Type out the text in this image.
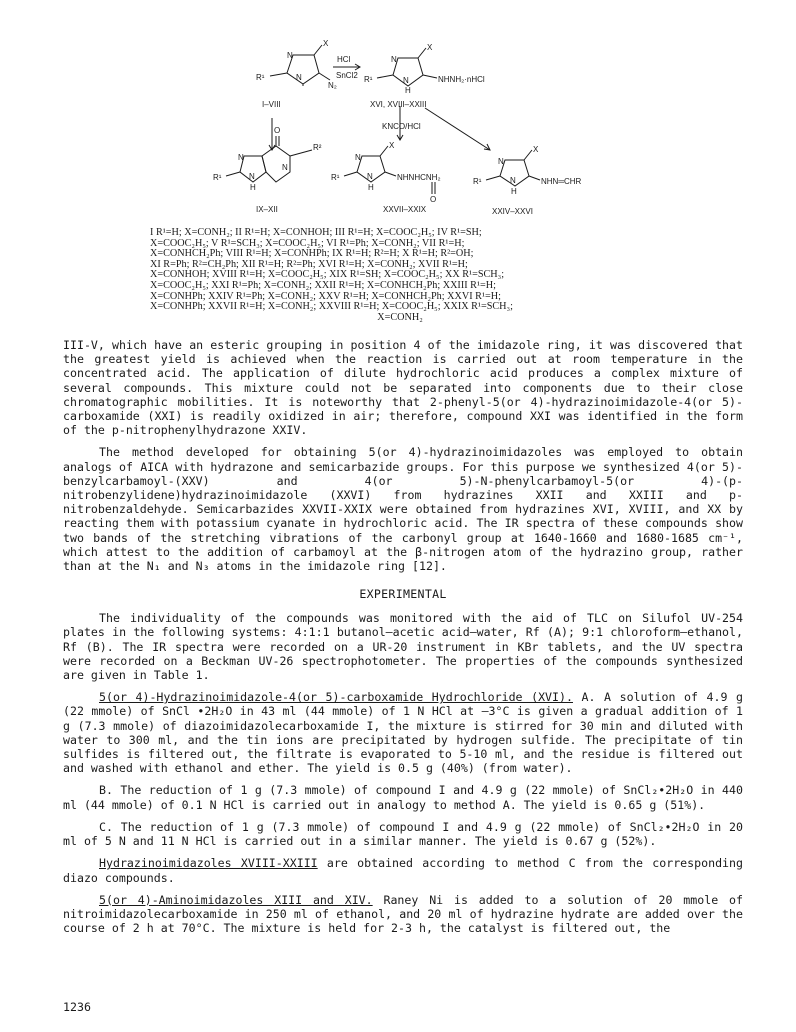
X
N
N
R¹
N₂
I–VIII
HCl
SnCl2
X
N
N
H
R¹	NHNH₂·nHCl
XVI, XVIII–XXIII
KNCO/HCl
O
R²
N
N
H
N
R¹
IX–XII
X
N
N
H
R¹	NHNHCNH₂
O
XXVII–XXIX
X
N
N
H
R¹	NHN═CHR
XXIV–XXVI
I R¹=H; X=CONH₂; II R¹=H; X=CONHOH; III R¹=H; X=COOC₂H₅; IV R¹=SH;
X=COOC₂H₅; V R¹=SCH₃; X=COOC₂H₅; VI R¹=Ph; X=CONH₂; VII R¹=H;
X=CONHCH₂Ph; VIII R¹=H; X=CONHPh; IX R¹=H; R²=H; X R¹=H; R²=OH;
XI R=Ph; R²=CH₂Ph; XII R¹=H; R²=Ph; XVI R¹=H; X=CONH₂; XVII R¹=H;
X=CONHOH; XVIII R¹=H; X=COOC₂H₅; XIX R¹=SH; X=COOC₂H₅; XX R¹=SCH₃;
X=COOC₂H₅; XXI R¹=Ph; X=CONH₂; XXII R¹=H; X=CONHCH₂Ph; XXIII R¹=H;
X=CONHPh; XXIV R¹=Ph; X=CONH₂; XXV R¹=H; X=CONHCH₂Ph; XXVI R¹=H;
X=CONHPh; XXVII R¹=H; X=CONH₂; XXVIII R¹=H; X=COOC₂H₅; XXIX R¹=SCH₃;
X=CONH₂

III-V, which have an esteric grouping in position 4 of the imidazole ring, it was discovered that the greatest yield is achieved when the reaction is carried out at room temperature in the concentrated acid. The application of dilute hydrochloric acid produces a complex mixture of several compounds. This mixture could not be separated into components due to their close chromatographic mobilities. It is noteworthy that 2-phenyl-5(or 4)-hydrazinoimidazole-4(or 5)-carboxamide (XXI) is readily oxidized in air; therefore, compound XXI was identified in the form of the p-nitrophenylhydrazone XXIV.

The method developed for obtaining 5(or 4)-hydrazinoimidazoles was employed to obtain analogs of AICA with hydrazone and semicarbazide groups. For this purpose we synthesized 4(or 5)-benzylcarbamoyl-(XXV) and 4(or 5)-N-phenylcarbamoyl-5(or 4)-(p-nitrobenzylidene)hydrazinoimidazole (XXVI) from hydrazines XXII and XXIII and p-nitrobenzaldehyde. Semicarbazides XXVII-XXIX were obtained from hydrazines XVI, XVIII, and XX by reacting them with potassium cyanate in hydrochloric acid. The IR spectra of these compounds show two bands of the stretching vibrations of the carbonyl group at 1640-1660 and 1680-1685 cm⁻¹, which attest to the addition of carbamoyl at the β-nitrogen atom of the hydrazino group, rather than at the N₁ and N₃ atoms in the imidazole ring [12].

EXPERIMENTAL

The individuality of the compounds was monitored with the aid of TLC on Silufol UV-254 plates in the following systems: 4:1:1 butanol–acetic acid–water, Rf (A); 9:1 chloroform–ethanol, Rf (B). The IR spectra were recorded on a UR-20 instrument in KBr tablets, and the UV spectra were recorded on a Beckman UV-26 spectrophotometer. The properties of the compounds synthesized are given in Table 1.

5(or 4)-Hydrazinoimidazole-4(or 5)-carboxamide Hydrochloride (XVI). A. A solution of 4.9 g (22 mmole) of SnCl •2H₂O in 43 ml (44 mmole) of 1 N HCl at –3°C is given a gradual addition of 1 g (7.3 mmole) of diazoimidazolecarboxamide I, the mixture is stirred for 30 min and diluted with water to 300 ml, and the tin ions are precipitated by hydrogen sulfide. The precipitate of tin sulfides is filtered out, the filtrate is evaporated to 5-10 ml, and the residue is filtered out and washed with ethanol and ether. The yield is 0.5 g (40%) (from water).

B. The reduction of 1 g (7.3 mmole) of compound I and 4.9 g (22 mmole) of SnCl₂•2H₂O in 440 ml (44 mmole) of 0.1 N HCl is carried out in analogy to method A. The yield is 0.65 g (51%).

C. The reduction of 1 g (7.3 mmole) of compound I and 4.9 g (22 mmole) of SnCl₂•2H₂O in 20 ml of 5 N and 11 N HCl is carried out in a similar manner. The yield is 0.67 g (52%).

Hydrazinoimidazoles XVIII-XXIII are obtained according to method C from the corresponding diazo compounds.

5(or 4)-Aminoimidazoles XIII and XIV. Raney Ni is added to a solution of 20 mmole of nitroimidazolecarboxamide in 250 ml of ethanol, and 20 ml of hydrazine hydrate are added over the course of 2 h at 70°C. The mixture is held for 2-3 h, the catalyst is filtered out, the

1236
